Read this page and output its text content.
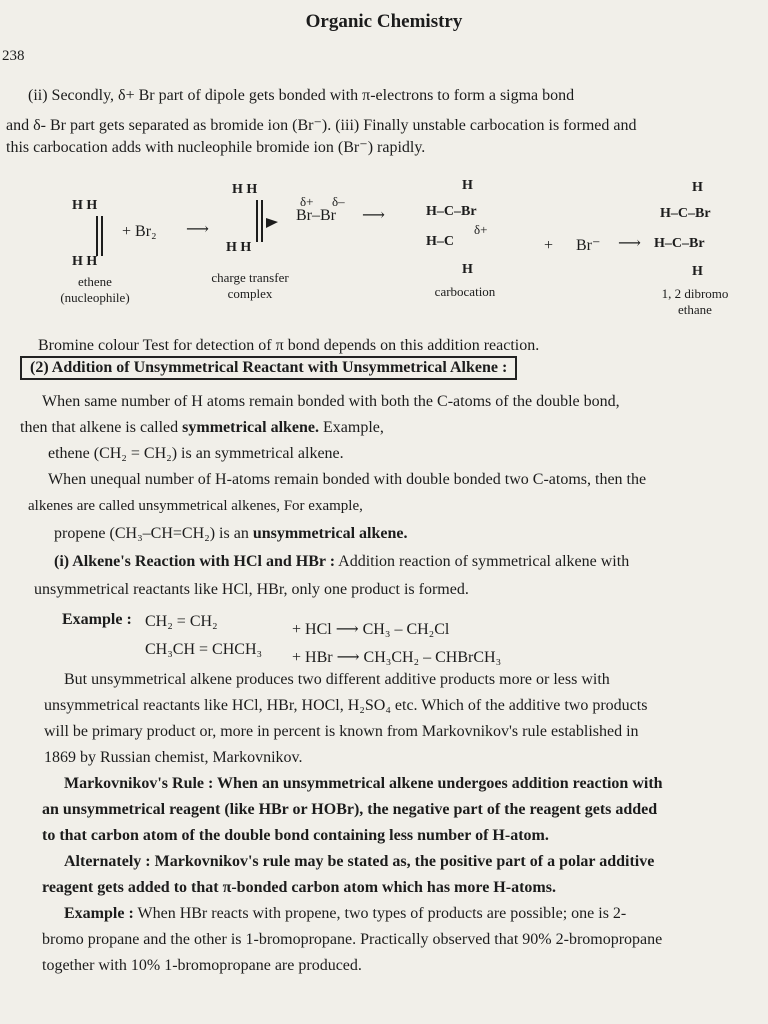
Organic Chemistry
238
(ii) Secondly, δ+ Br part of dipole gets bonded with π-electrons to form a sigma bond
and δ- Br part gets separated as bromide ion (Br⁻). (iii) Finally unstable carbocation is formed and
this carbocation adds with nucleophile bromide ion (Br⁻) rapidly.
H H
H H
ethene
(nucleophile)
+ Br₂ ⟶
H H
H H
δ+ δ–
Br–Br
charge transfer
complex
⟶
H
H–C–Br
δ+
H–C
H
carbocation
+ Br⁻ ⟶
H
H–C–Br
H–C–Br
H
1, 2 dibromo
ethane
Bromine colour Test for detection of π bond depends on this addition reaction.
(2) Addition of Unsymmetrical Reactant with Unsymmetrical Alkene :
When same number of H atoms remain bonded with both the C-atoms of the double bond,
then that alkene is called symmetrical alkene. Example,
ethene (CH₂ = CH₂) is an symmetrical alkene.
When unequal number of H-atoms remain bonded with double bonded two C-atoms, then the
alkenes are called unsymmetrical alkenes, For example,
propene (CH₃–CH=CH₂) is an unsymmetrical alkene.
(i) Alkene's Reaction with HCl and HBr : Addition reaction of symmetrical alkene with
unsymmetrical reactants like HCl, HBr, only one product is formed.
Example : CH₂ = CH₂	+ HCl ⟶ CH₃ – CH₂Cl
CH₃CH = CHCH₃ + HBr ⟶ CH₃CH₂ – CHBrCH₃
But unsymmetrical alkene produces two different additive products more or less with
unsymmetrical reactants like HCl, HBr, HOCl, H₂SO₄ etc. Which of the additive two products
will be primary product or, more in percent is known from Markovnikov's rule established in
1869 by Russian chemist, Markovnikov.
Markovnikov's Rule : When an unsymmetrical alkene undergoes addition reaction with
an unsymmetrical reagent (like HBr or HOBr), the negative part of the reagent gets added
to that carbon atom of the double bond containing less number of H-atom.
Alternately : Markovnikov's rule may be stated as, the positive part of a polar additive
reagent gets added to that π-bonded carbon atom which has more H-atoms.
Example : When HBr reacts with propene, two types of products are possible; one is 2-
bromo propane and the other is 1-bromopropane. Practically observed that 90% 2-bromopropane
together with 10% 1-bromopropane are produced.
